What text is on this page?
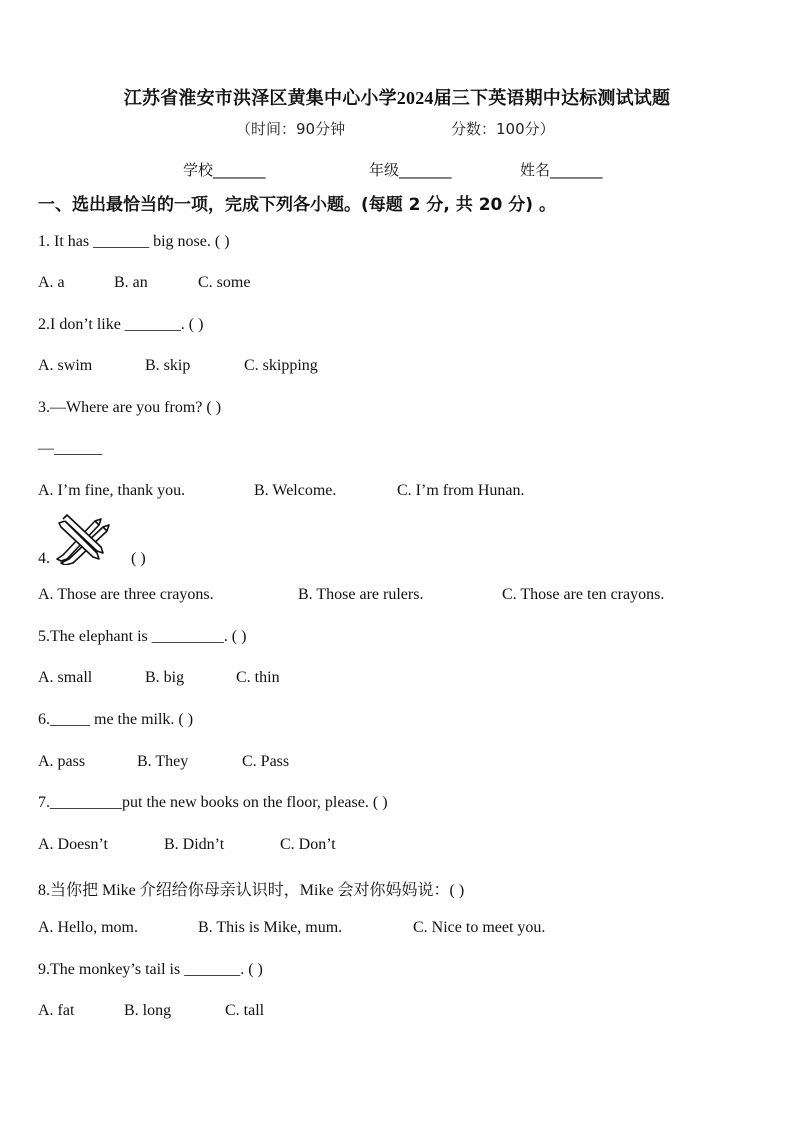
江苏省淮安市洪泽区黄集中心小学2024届三下英语期中达标测试试题
（时间：90分钟	分数：100分）
学校_______	年级_______	姓名_______
一、选出最恰当的一项，完成下列各小题。(每题 2 分, 共 20 分) 。
1. It has _______ big nose. ( )
A. a	B. an	C. some
2.I don’t like _______. ( )
A. swim	B. skip	C. skipping
3.—Where are you from? ( )
—______
A. I’m fine, thank you.	B. Welcome.	C. I’m from Hunan.
4.	( )
A. Those are three crayons.	B. Those are rulers.	C. Those are ten crayons.
5.The elephant is _________. ( )
A. small	B. big	C. thin
6._____ me the milk. ( )
A. pass	B. They	C. Pass
7._________put the new books on the floor, please. ( )
A. Doesn’t	B. Didn’t	C. Don’t
8.当你把 Mike 介绍给你母亲认识时，Mike 会对你妈妈说：( )
A. Hello, mom.	B. This is Mike, mum.	C. Nice to meet you.
9.The monkey’s tail is _______. ( )
A. fat	B. long	C. tall
